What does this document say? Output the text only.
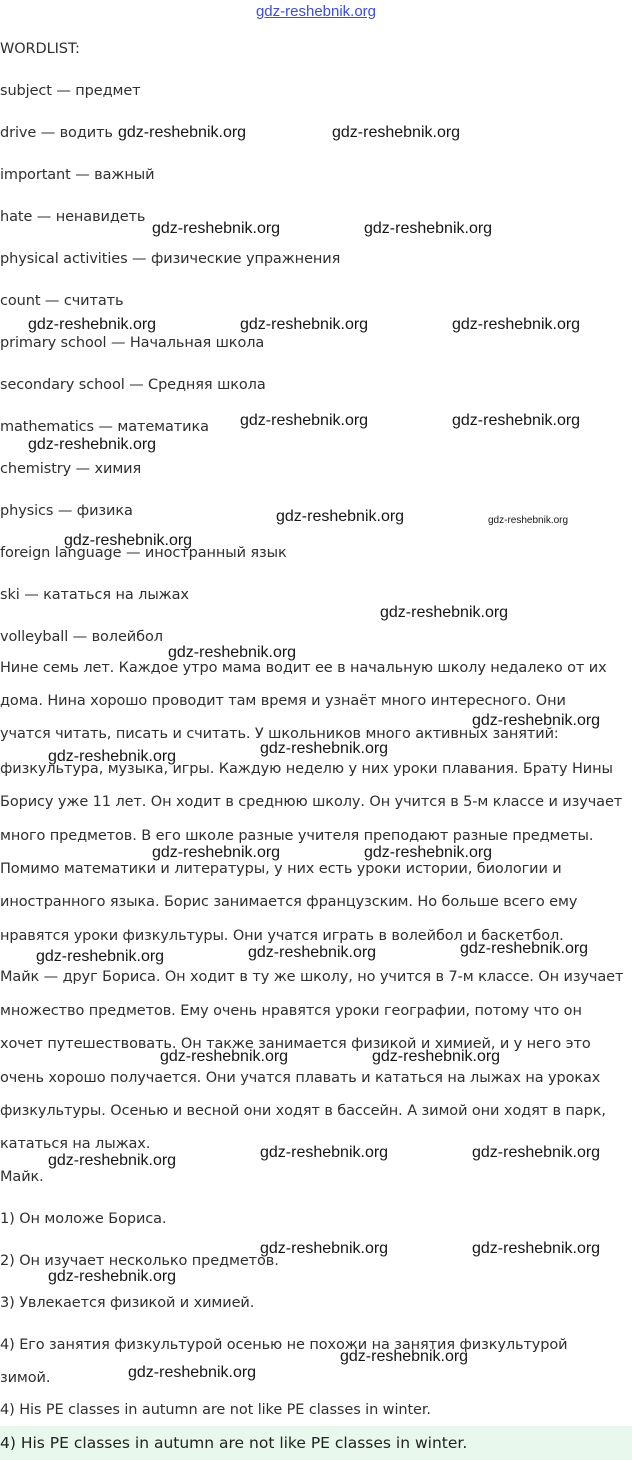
gdz-reshebnik.org
WORDLIST:
subject — предмет
drive — водить
important — важный
hate — ненавидеть
physical activities — физические упражнения
count — считать
primary school — Начальная школа
secondary school — Средняя школа
mathematics — математика
chemistry — химия
physics — физика
foreign language — иностранный язык
ski — кататься на лыжах
volleyball — волейбол
Нине семь лет. Каждое утро мама водит ее в начальную школу недалеко от их
дома. Нина хорошо проводит там время и узнаёт много интересного. Они
учатся читать, писать и считать. У школьников много активных занятий:
физкультура, музыка, игры. Каждую неделю у них уроки плавания. Брату Нины
Борису уже 11 лет. Он ходит в среднюю школу. Он учится в 5-м классе и изучает
много предметов. В его школе разные учителя преподают разные предметы.
Помимо математики и литературы, у них есть уроки истории, биологии и
иностранного языка. Борис занимается французским. Но больше всего ему
нравятся уроки физкультуры. Они учатся играть в волейбол и баскетбол.
Майк — друг Бориса. Он ходит в ту же школу, но учится в 7-м классе. Он изучает
множество предметов. Ему очень нравятся уроки географии, потому что он
хочет путешествовать. Он также занимается физикой и химией, и у него это
очень хорошо получается. Они учатся плавать и кататься на лыжах на уроках
физкультуры. Осенью и весной они ходят в бассейн. А зимой они ходят в парк,
кататься на лыжах.
Майк.
1) Он моложе Бориса.
2) Он изучает несколько предметов.
3) Увлекается физикой и химией.
4) Его занятия физкультурой осенью не похожи на занятия физкультурой
зимой.
4) His PE classes in autumn are not like PE classes in winter.
4) His PE classes in autumn are not like PE classes in winter.
gdz-reshebnik.org	gdz-reshebnik.org
gdz-reshebnik.org	gdz-reshebnik.org
gdz-reshebnik.org	gdz-reshebnik.org	gdz-reshebnik.org
gdz-reshebnik.org	gdz-reshebnik.org
gdz-reshebnik.org
gdz-reshebnik.org	gdz-reshebnik.org
gdz-reshebnik.org
gdz-reshebnik.org
gdz-reshebnik.org
gdz-reshebnik.org
gdz-reshebnik.org
gdz-reshebnik.org
gdz-reshebnik.org	gdz-reshebnik.org
gdz-reshebnik.org
gdz-reshebnik.org
gdz-reshebnik.org
gdz-reshebnik.org	gdz-reshebnik.org
gdz-reshebnik.org	gdz-reshebnik.org
gdz-reshebnik.org
gdz-reshebnik.org	gdz-reshebnik.org
gdz-reshebnik.org
gdz-reshebnik.org
gdz-reshebnik.org
